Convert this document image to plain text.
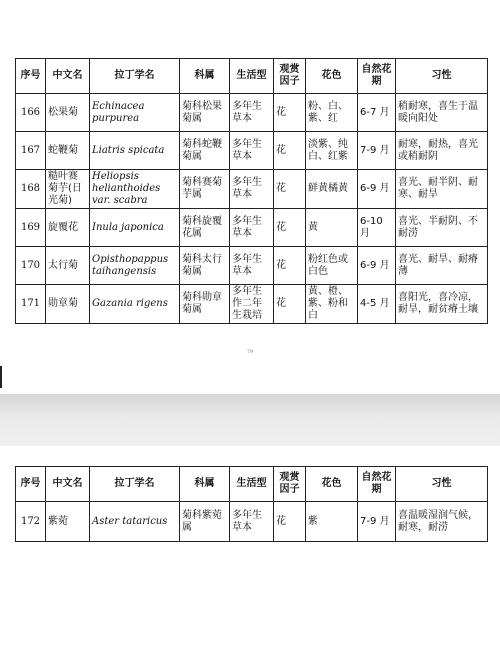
序号	中文名	拉丁学名	科属	生活型	观赏因子	花色	自然花期	习性
166	松果菊	Echinacea purpurea	菊科松果菊属	多年生草本	花	粉、白、紫、红	6-7 月	稍耐寒，喜生于温暖向阳处
167	蛇鞭菊	Liatris spicata	菊科蛇鞭菊属	多年生草本	花	淡紫、纯白、红紫	7-9 月	耐寒，耐热，喜光或稍耐阴
168	糙叶赛菊芋(日光菊)	Heliopsis helianthoides var. scabra	菊科赛菊芋属	多年生草本	花	鲜黄橘黄	6-9 月	喜光、耐半阴、耐寒、耐旱
169	旋覆花	Inula japonica	菊科旋覆花属	多年生草本	花	黄	6-10 月	喜光、半耐阴、不耐涝
170	太行菊	Opisthopappus taihangensis	菊科太行菊属	多年生草本	花	粉红色或白色	6-9 月	喜光、耐旱、耐瘠薄
171	勋章菊	Gazania rigens	菊科勋章菊属	多年生作二年生栽培	花	黄、橙、紫、粉和白	4-5 月	喜阳光，喜冷凉，耐旱，耐贫瘠土壤
79
序号	中文名	拉丁学名	科属	生活型	观赏因子	花色	自然花期	习性
172	紫菀	Aster tataricus	菊科紫菀属	多年生草本	花	紫	7-9 月	喜温暖湿润气候，耐寒，耐涝
